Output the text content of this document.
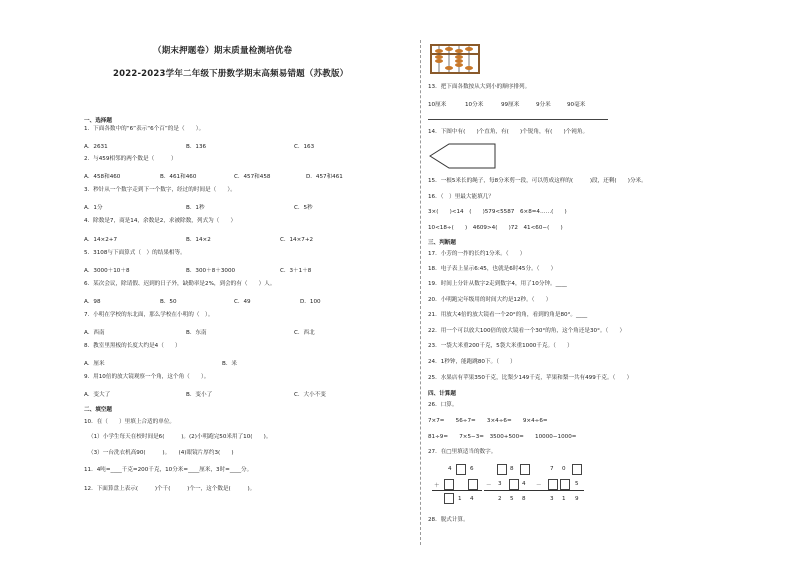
（期末押题卷）期末质量检测培优卷
2022-2023学年二年级下册数学期末高频易错题（苏教版）
一、选择题
1．下面各数中的“6”表示“6个百”的是（　　）。
A．2631	B．136	C．163
2．与459相邻的两个数是（　　　）
A．458和460	B．461和460	C．457和458	D．457和461
3．秒针从一个数字走到下一个数字，经过的时间是（　　）。
A．1分	B．1秒	C．5秒
4．除数是7，商是14，余数是2，求被除数，列式为（　　）
A．14×2+7	B．14×2	C．14×7+2
5．3108与下面算式（　）的结果相等。
A．3000＋10＋8	B．300＋8＋3000	C．3＋1＋8
6．某次会议，除请假、迟到的日子外，缺勤率是2%，到会的有（　　）人。
A．98	B．50	C．49	D．100
7．小明在学校的东北面，那么学校在小明的（　）。
A．西南	B．东南	C．西北
8．教室里黑板的长度大约是4（　　）
A．厘米	B．米
9．用10倍的放大镜观察一个角，这个角（　　）。
A．变大了	B．变小了	C．大小不变
二、填空题
10．在（　　）里填上合适的单位。
（1）小学生每天在校时间是6(　　　)。(2)小明跑完50米用了10(　　)。
（3）一台洗衣机高90(　　　)。　　(4)眼镜片厚约3(　　)
11．4吨=____千克=200千克，10分米=____厘米，3时=____分。
12．下面算盘上表示(　　　)个千(　　　)个一，这个数是(　　　)。
13．把下面各数按从大到小的顺序排列。
10厘米	10分米	99厘米	9分米	90毫米
14．下图中有(　　)个直角，有(　　)个锐角，有(　　)个钝角。
15．一根5米长的绳子，每8分米剪一段，可以剪成这样的(　　　)段，还剩(　　)分米。
16．（　）里最大能填几？
3×(　　)<14　(　　)579<5587　6×8=4……(　　)
10<18÷(　　)　4609>4(　　)72　41<60−(　　)
三、判断题
17．小芳的一拃的长约1分米。（　　）
18．电子表上显示6:45，也就是6时45分。（　　）
19．时间上分针从数字2走到数字4，用了10分钟。____
20．小明跑完年级用的时间大约是12秒。（　　）
21．用放大4倍的放大镜看一个20°的角，看到的角是80°。____
22．用一个可以放大100倍的放大镜看一个30°的角，这个角还是30°。（　　）
23．一袋大米重200千克，5袋大米重1000千克。（　　）
24．1秒钟，能跑跳80下。（　　）
25．水果店有苹果350千克，比梨少149千克，苹果和梨一共有499千克。（　　）
四、计算题
26．口算。
7×7=　　56÷7=　　3×4÷6=　　9×4÷6=
81÷9=　　7×5−3=　3500+500=　　10000−1000=
27．在□里填适当的数字。
4	6
＋
1 4
8
－ 3	4
2 5 8
7 0
－	5
3 1 9
28．脱式计算。
